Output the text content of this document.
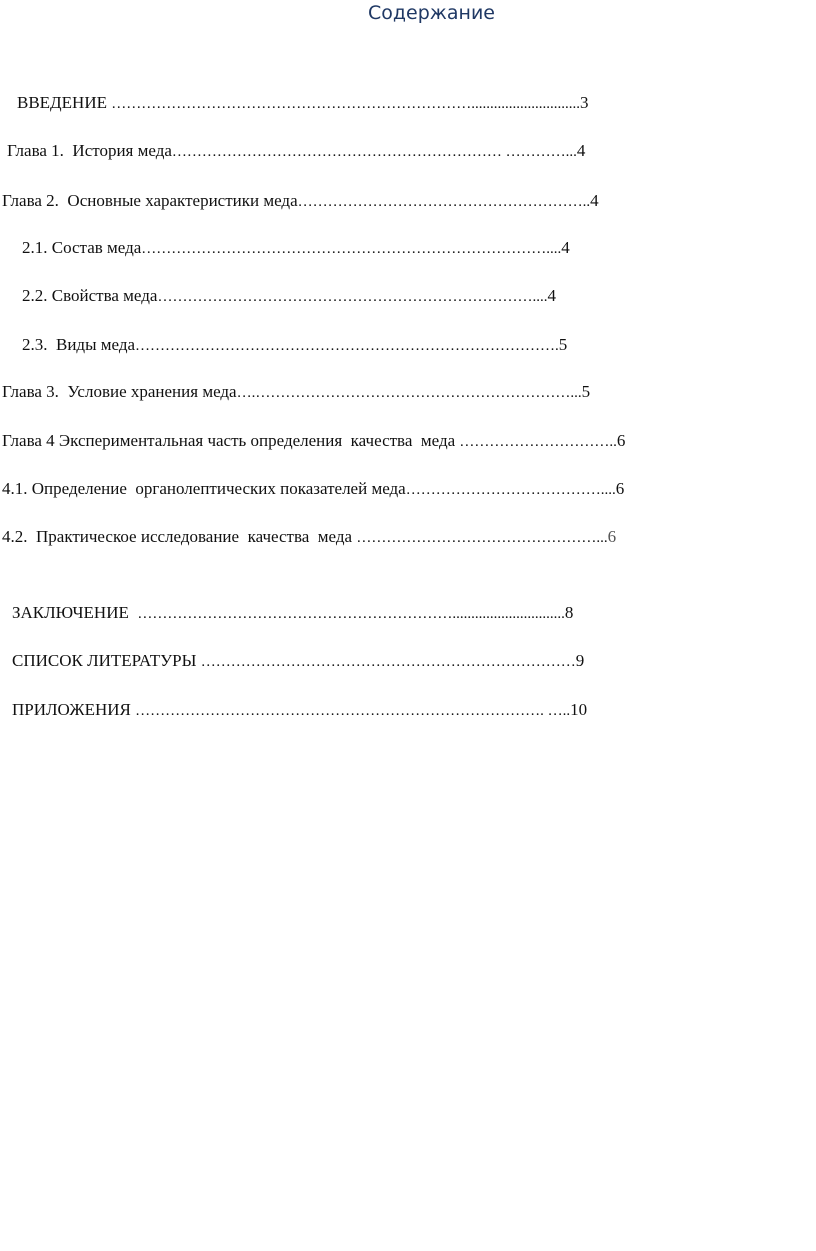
Содержание
ВВЕДЕНИЕ ……………………………………………………………….............................3
Глава 1.  История меда………………………………………………………… …………...4
Глава 2.  Основные характеристики меда…………………………………………………..4
2.1. Состав меда………………………………………………………………………....4
2.2. Свойства меда…………………………………………………………………....4
2.3.  Виды меда………………………………………………………………………….5
Глава 3.  Условие хранения меда….………………………………………………………...5
Глава 4 Экспериментальная часть определения  качества  меда …………………………..6
4.1. Определение  органолептических показателей меда…………………………………....6
4.2.  Практическое исследование  качества  меда …………………………………………...6
ЗАКЛЮЧЕНИЕ  ………………………………………………………..............................8
СПИСОК ЛИТЕРАТУРЫ …………………………………………………………………9
ПРИЛОЖЕНИЯ ………………………………………………………………………. …..10
